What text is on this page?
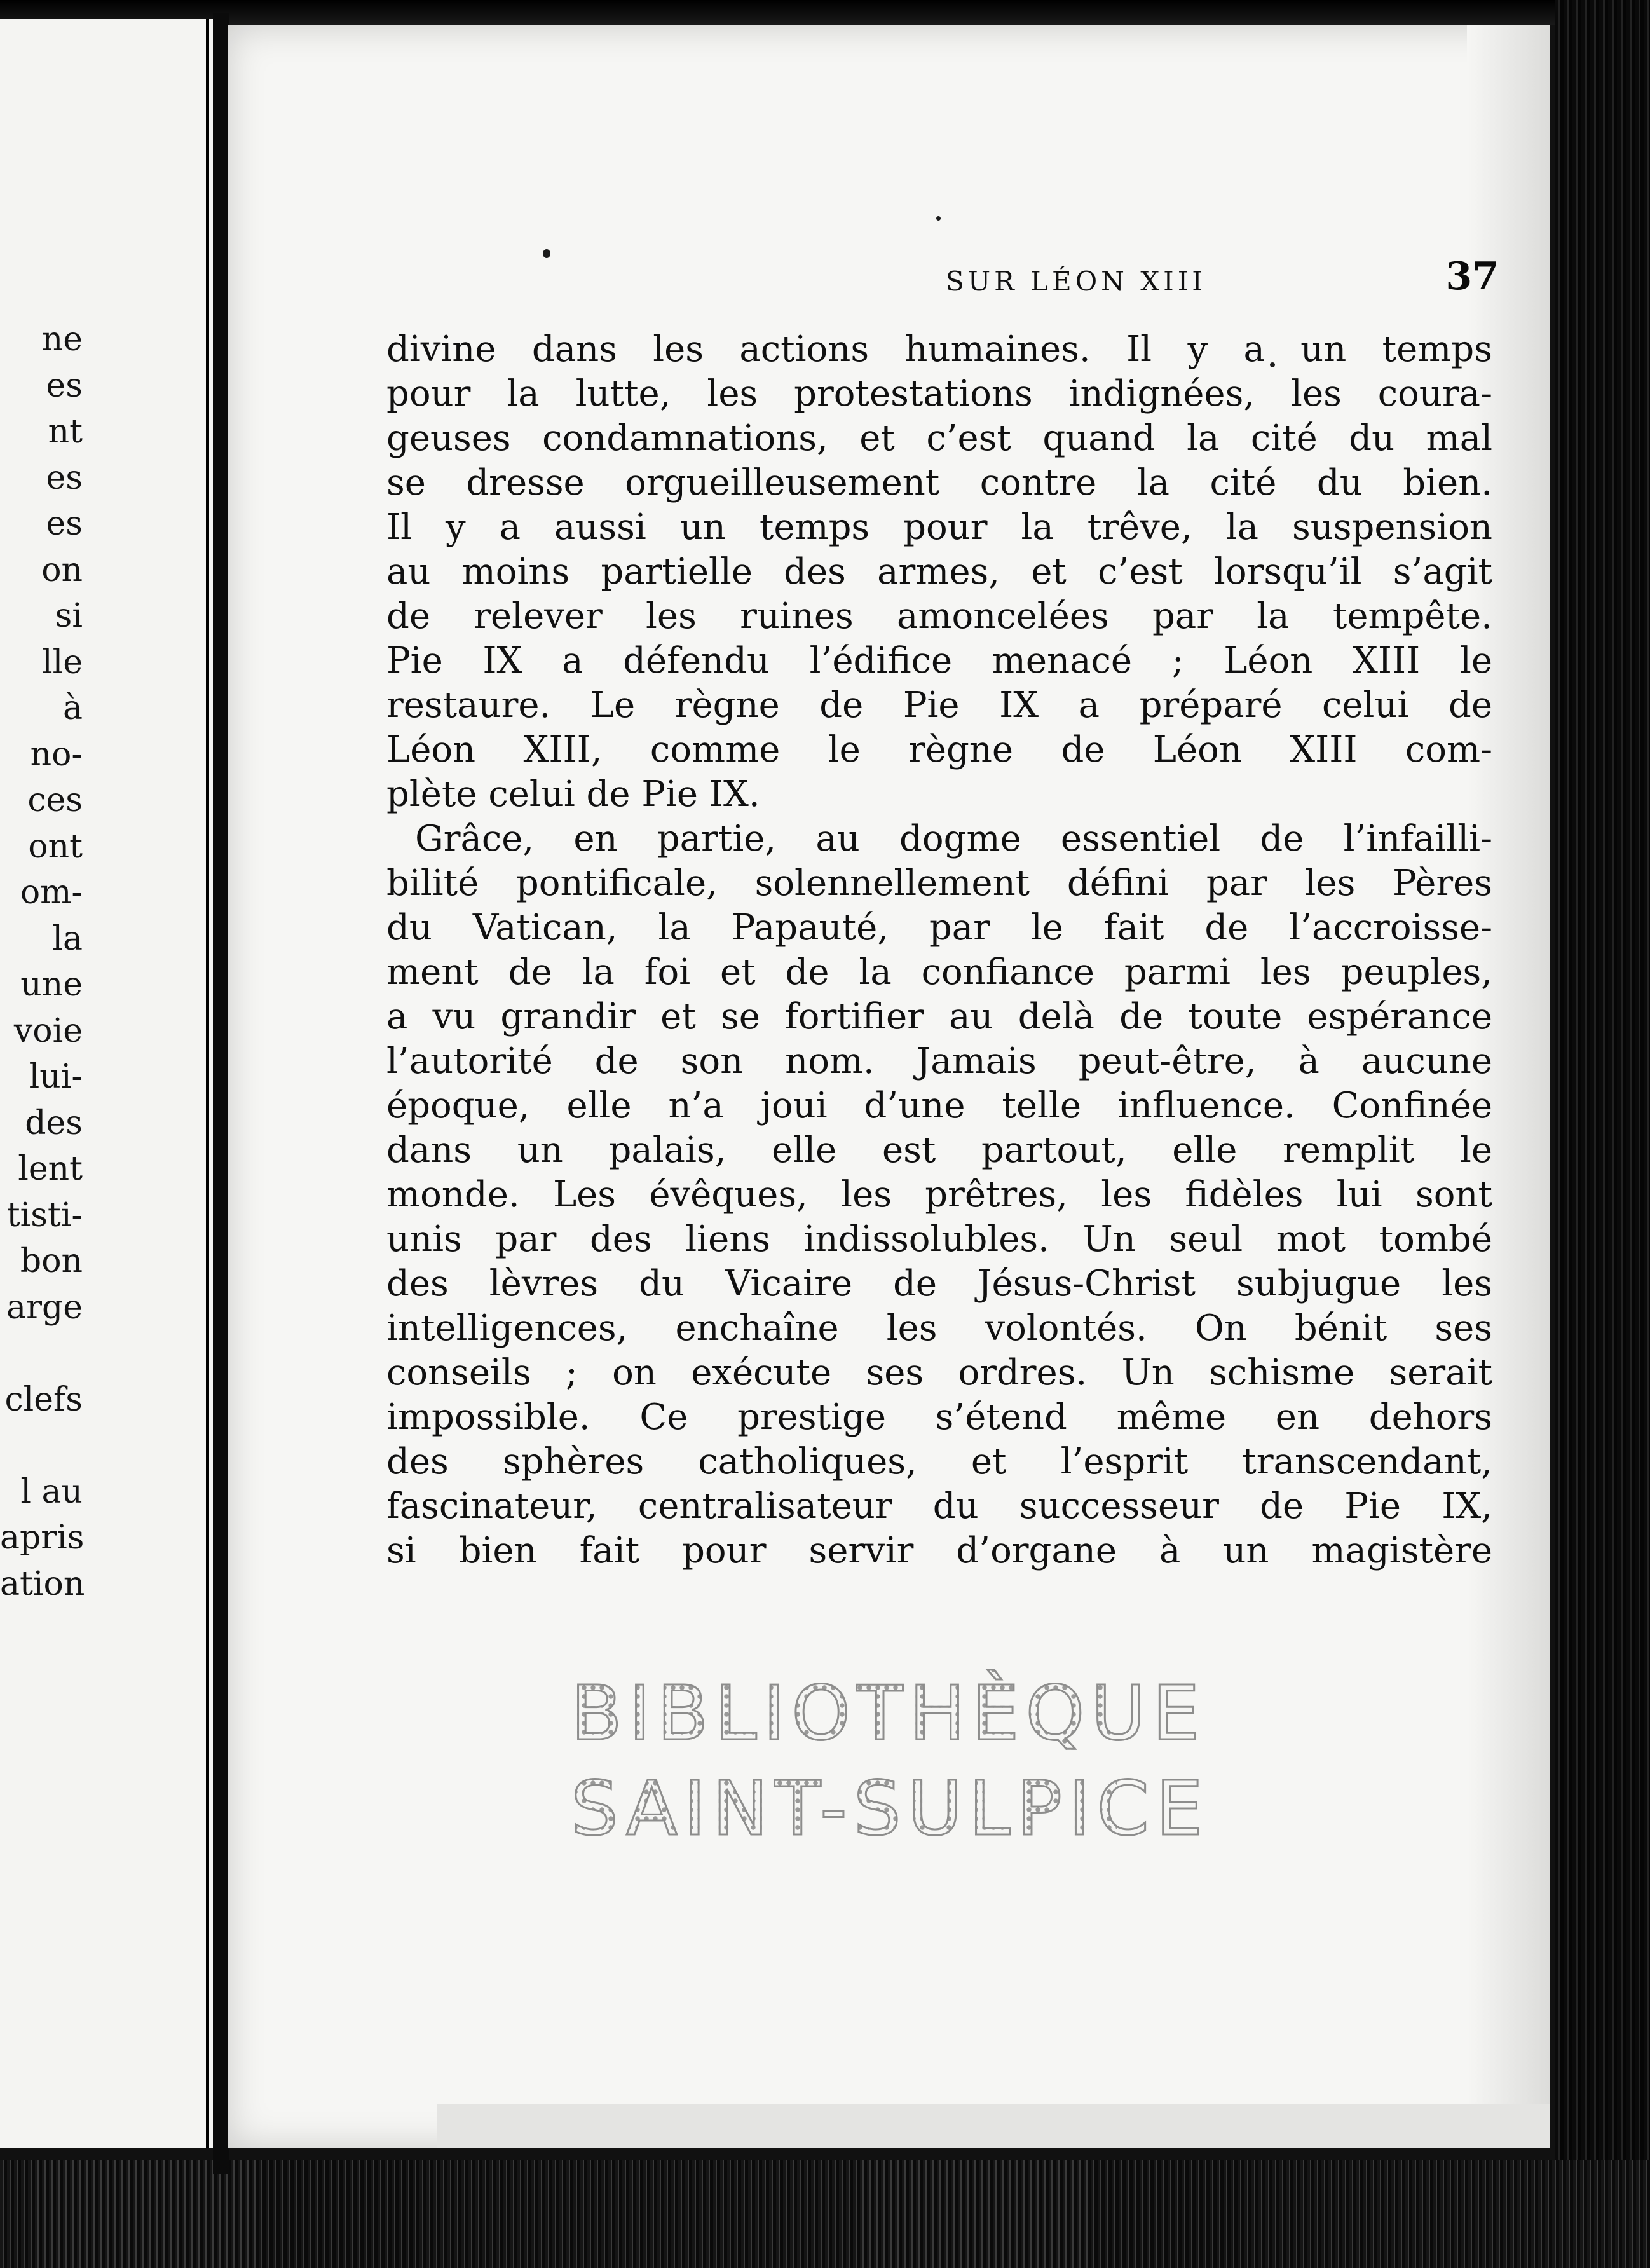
ne
es
nt
es
es
on
si
lle
à
no-
ces
ont
om-
la
une
voie
lui-
des
lent
tisti-
bon
arge
clefs
l au
apris
ation
SUR LÉON XIII	37
divine dans les actions humaines. Il y a un temps
pour la lutte, les protestations indignées, les coura-
geuses condamnations, et c’est quand la cité du mal
se dresse orgueilleusement contre la cité du bien.
Il y a aussi un temps pour la trêve, la suspension
au moins partielle des armes, et c’est lorsqu’il s’agit
de relever les ruines amoncelées par la tempête.
Pie IX a défendu l’édifice menacé ; Léon XIII le
restaure. Le règne de Pie IX a préparé celui de
Léon XIII, comme le règne de Léon XIII com-
plète celui de Pie IX.
Grâce, en partie, au dogme essentiel de l’infailli-
bilité pontificale, solennellement défini par les Pères
du Vatican, la Papauté, par le fait de l’accroisse-
ment de la foi et de la confiance parmi les peuples,
a vu grandir et se fortifier au delà de toute espérance
l’autorité de son nom. Jamais peut-être, à aucune
époque, elle n’a joui d’une telle influence. Confinée
dans un palais, elle est partout, elle remplit le
monde. Les évêques, les prêtres, les fidèles lui sont
unis par des liens indissolubles. Un seul mot tombé
des lèvres du Vicaire de Jésus-Christ subjugue les
intelligences, enchaîne les volontés. On bénit ses
conseils ; on exécute ses ordres. Un schisme serait
impossible. Ce prestige s’étend même en dehors
des sphères catholiques, et l’esprit transcendant,
fascinateur, centralisateur du successeur de Pie IX,
si bien fait pour servir d’organe à un magistère
BIBLIOTHÈQUE
SAINT-SULPICE
